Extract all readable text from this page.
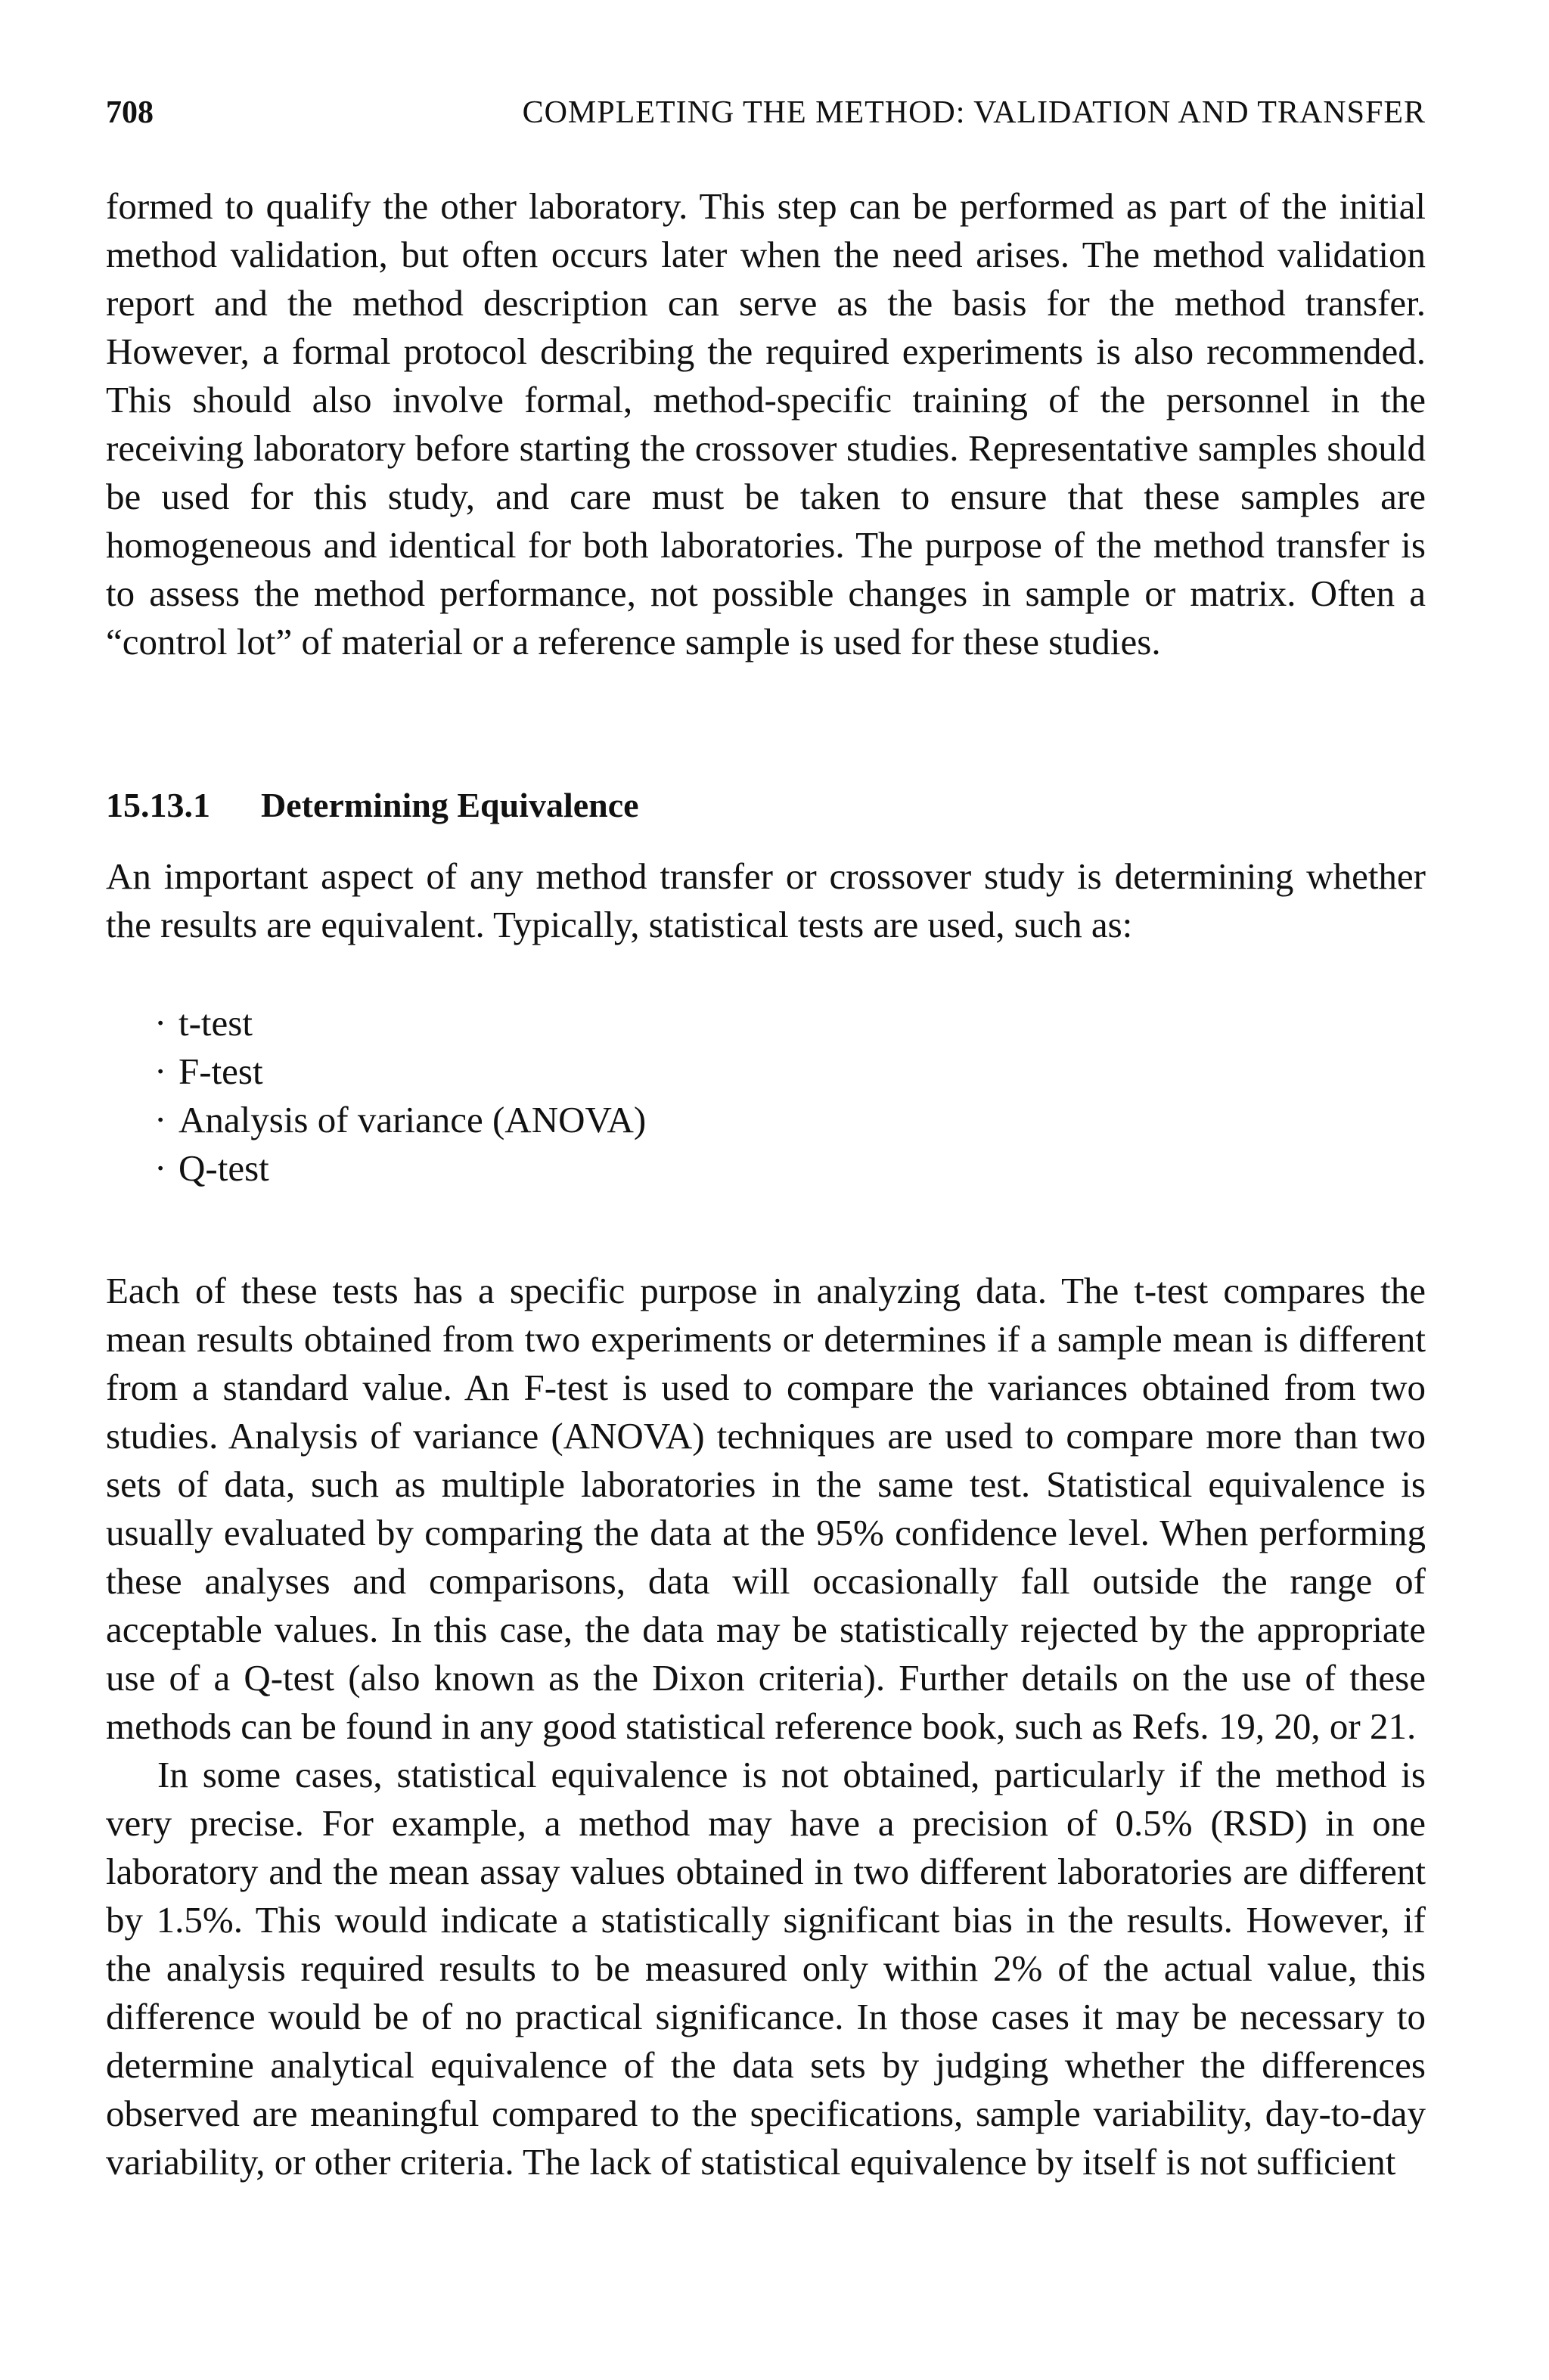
708	COMPLETING THE METHOD: VALIDATION AND TRANSFER

formed to qualify the other laboratory. This step can be performed as part of the initial method validation, but often occurs later when the need arises. The method validation report and the method description can serve as the basis for the method transfer. However, a formal protocol describing the required experiments is also recommended. This should also involve formal, method-specific training of the personnel in the receiving laboratory before starting the crossover studies. Representative samples should be used for this study, and care must be taken to ensure that these samples are homogeneous and identical for both laboratories. The purpose of the method transfer is to assess the method performance, not possible changes in sample or matrix. Often a “control lot” of material or a reference sample is used for these studies.

15.13.1 Determining Equivalence

An important aspect of any method transfer or crossover study is determining whether the results are equivalent. Typically, statistical tests are used, such as:

· t-test
· F-test
· Analysis of variance (ANOVA)
· Q-test

Each of these tests has a specific purpose in analyzing data. The t-test compares the mean results obtained from two experiments or determines if a sample mean is different from a standard value. An F-test is used to compare the variances obtained from two studies. Analysis of variance (ANOVA) techniques are used to compare more than two sets of data, such as multiple laboratories in the same test. Statistical equivalence is usually evaluated by comparing the data at the 95% confidence level. When performing these analyses and comparisons, data will occasionally fall outside the range of acceptable values. In this case, the data may be statistically rejected by the appropriate use of a Q-test (also known as the Dixon criteria). Further details on the use of these methods can be found in any good statistical reference book, such as Refs. 19, 20, or 21.

In some cases, statistical equivalence is not obtained, particularly if the method is very precise. For example, a method may have a precision of 0.5% (RSD) in one laboratory and the mean assay values obtained in two different laboratories are different by 1.5%. This would indicate a statistically significant bias in the results. However, if the analysis required results to be measured only within 2% of the actual value, this difference would be of no practical significance. In those cases it may be necessary to determine analytical equivalence of the data sets by judging whether the differences observed are meaningful compared to the specifications, sample variability, day-to-day variability, or other criteria. The lack of statistical equivalence by itself is not sufficient
